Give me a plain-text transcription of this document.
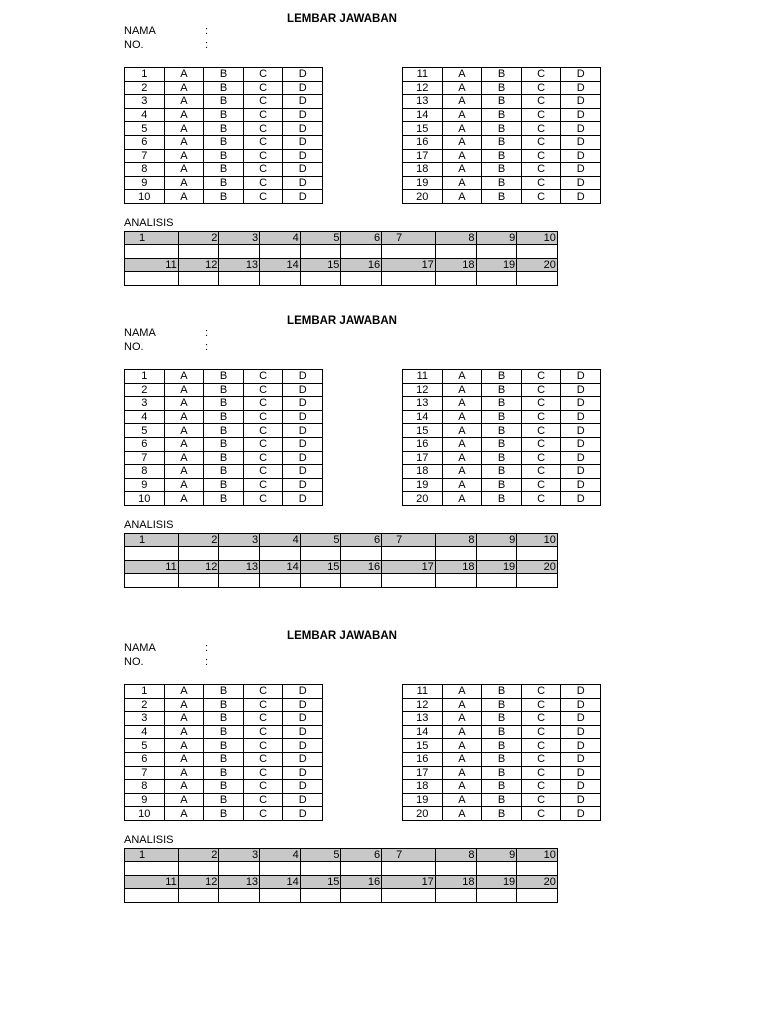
LEMBAR JAWABAN
NAMA	:
NO.	:
1	A	B	C	D
2	A	B	C	D
3	A	B	C	D
4	A	B	C	D
5	A	B	C	D
6	A	B	C	D
7	A	B	C	D
8	A	B	C	D
9	A	B	C	D
10	A	B	C	D
11	A	B	C	D
12	A	B	C	D
13	A	B	C	D
14	A	B	C	D
15	A	B	C	D
16	A	B	C	D
17	A	B	C	D
18	A	B	C	D
19	A	B	C	D
20	A	B	C	D
ANALISIS
1	2	3	4	5	6	7	8	9	10

11	12	13	14	15	16	17	18	19	20

LEMBAR JAWABAN
NAMA	:
NO.	:
1	A	B	C	D
2	A	B	C	D
3	A	B	C	D
4	A	B	C	D
5	A	B	C	D
6	A	B	C	D
7	A	B	C	D
8	A	B	C	D
9	A	B	C	D
10	A	B	C	D
11	A	B	C	D
12	A	B	C	D
13	A	B	C	D
14	A	B	C	D
15	A	B	C	D
16	A	B	C	D
17	A	B	C	D
18	A	B	C	D
19	A	B	C	D
20	A	B	C	D
ANALISIS
1	2	3	4	5	6	7	8	9	10

11	12	13	14	15	16	17	18	19	20

LEMBAR JAWABAN
NAMA	:
NO.	:
1	A	B	C	D
2	A	B	C	D
3	A	B	C	D
4	A	B	C	D
5	A	B	C	D
6	A	B	C	D
7	A	B	C	D
8	A	B	C	D
9	A	B	C	D
10	A	B	C	D
11	A	B	C	D
12	A	B	C	D
13	A	B	C	D
14	A	B	C	D
15	A	B	C	D
16	A	B	C	D
17	A	B	C	D
18	A	B	C	D
19	A	B	C	D
20	A	B	C	D
ANALISIS
1	2	3	4	5	6	7	8	9	10

11	12	13	14	15	16	17	18	19	20
